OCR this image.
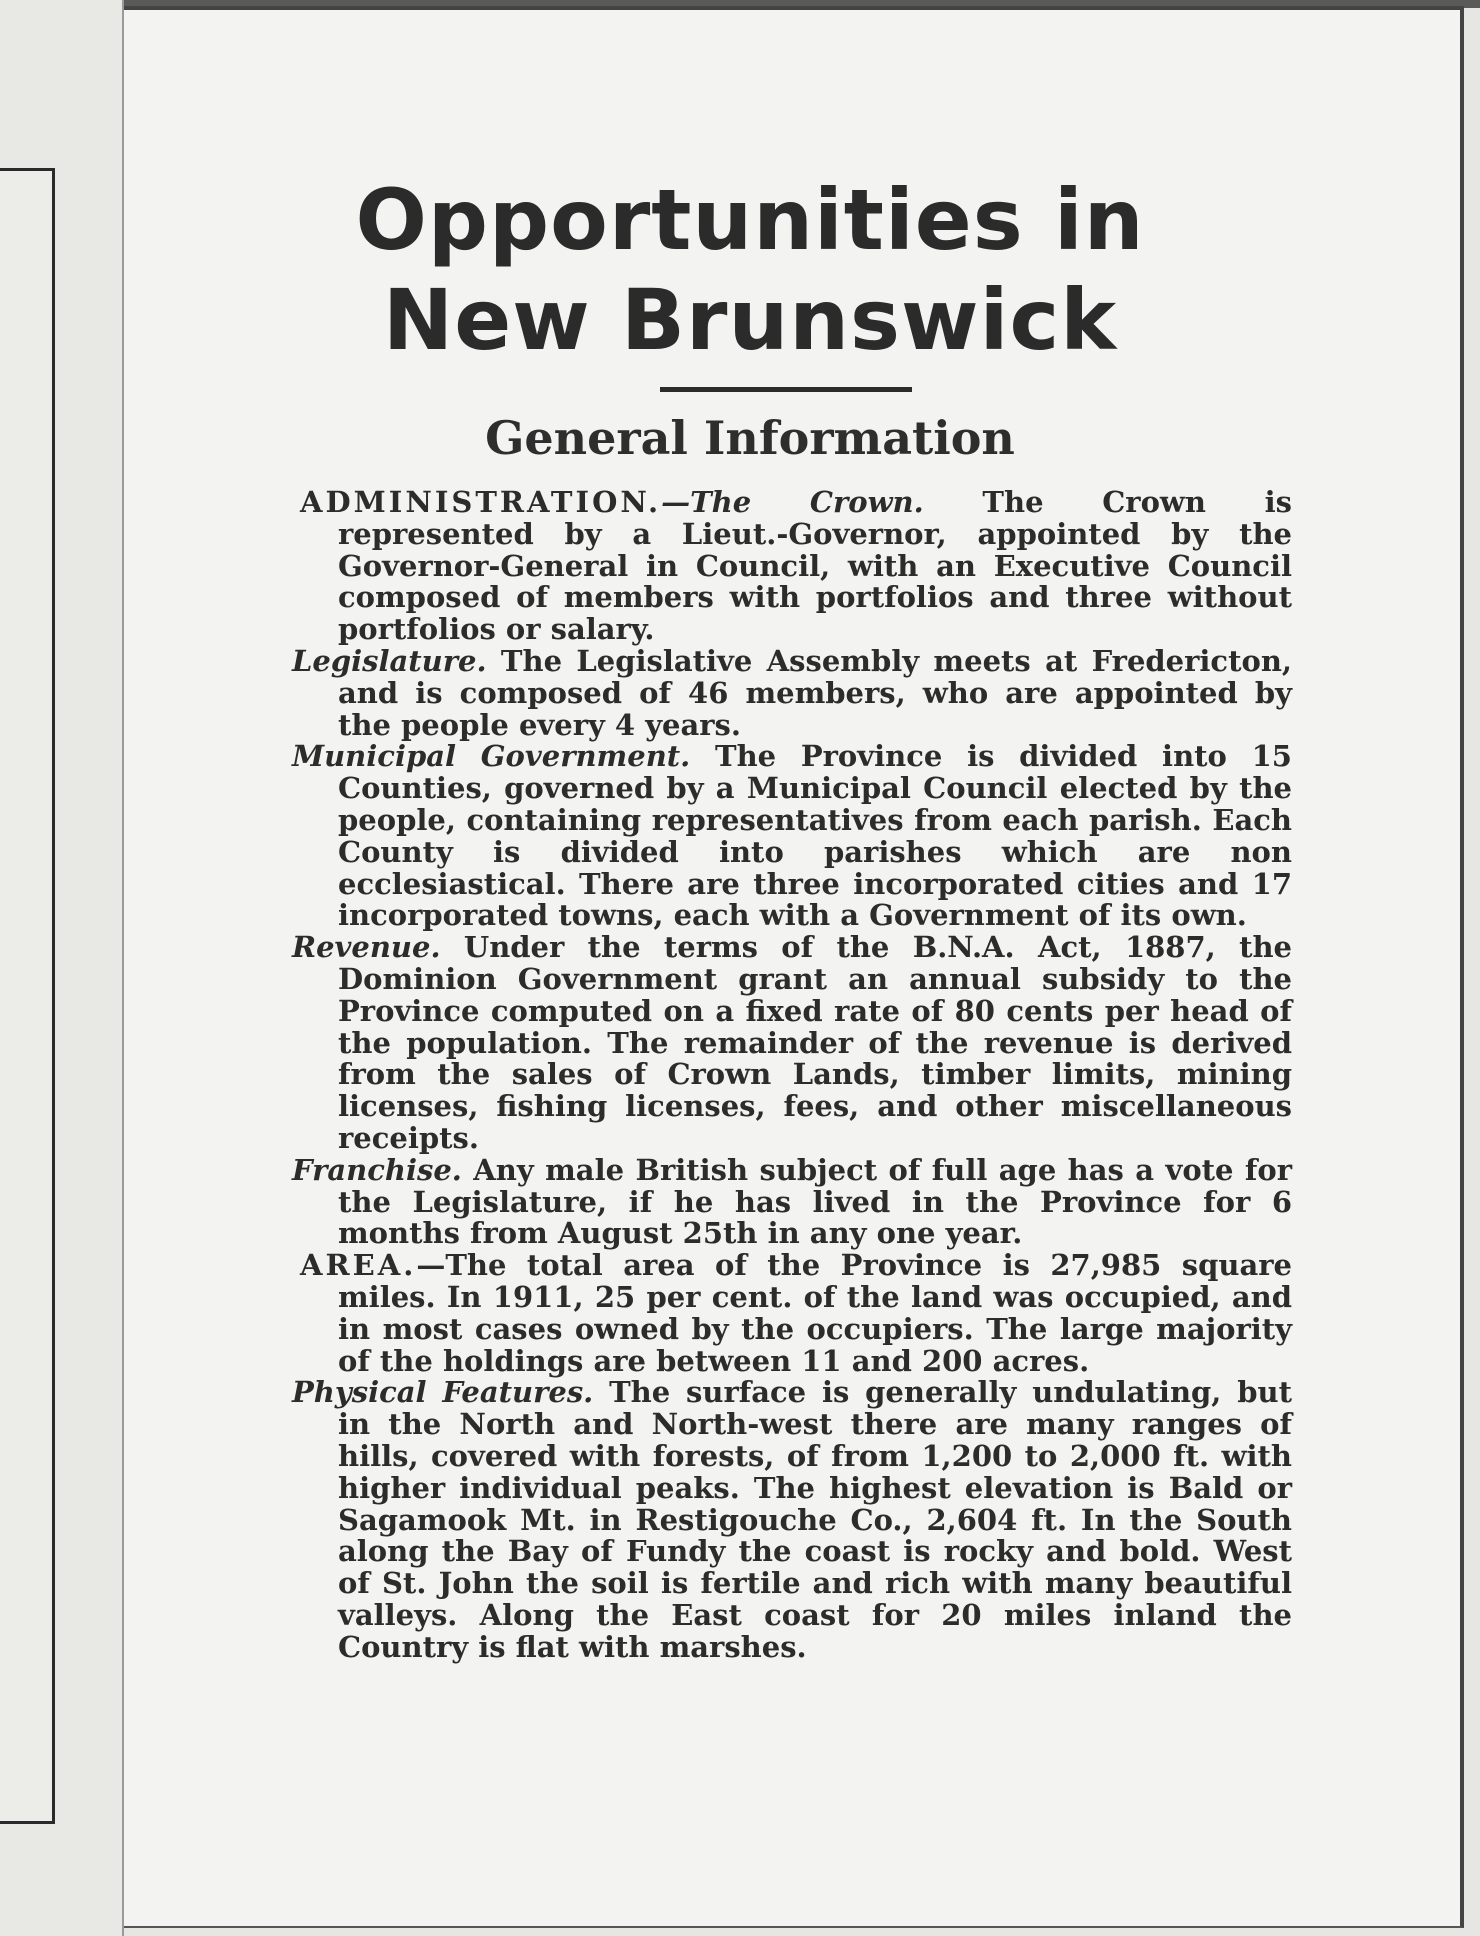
Opportunities in
New Brunswick
General Information

ADMINISTRATION.—The Crown. The Crown is represented by a Lieut.-Governor, appointed by the Governor-General in Council, with an Executive Council composed of members with portfolios and three without portfolios or salary.

Legislature. The Legislative Assembly meets at Fredericton, and is composed of 46 members, who are appointed by the people every 4 years.

Municipal Government. The Province is divided into 15 Counties, governed by a Municipal Council elected by the people, containing representatives from each parish. Each County is divided into parishes which are non ecclesiastical. There are three incorporated cities and 17 incorporated towns, each with a Government of its own.

Revenue. Under the terms of the B.N.A. Act, 1887, the Dominion Government grant an annual subsidy to the Province computed on a fixed rate of 80 cents per head of the population. The remainder of the revenue is derived from the sales of Crown Lands, timber limits, mining licenses, fishing licenses, fees, and other miscellaneous receipts.

Franchise. Any male British subject of full age has a vote for the Legislature, if he has lived in the Province for 6 months from August 25th in any one year.

AREA.—The total area of the Province is 27,985 square miles. In 1911, 25 per cent. of the land was occupied, and in most cases owned by the occupiers. The large majority of the holdings are between 11 and 200 acres.

Physical Features. The surface is generally undulating, but in the North and North-west there are many ranges of hills, covered with forests, of from 1,200 to 2,000 ft. with higher individual peaks. The highest elevation is Bald or Sagamook Mt. in Restigouche Co., 2,604 ft. In the South along the Bay of Fundy the coast is rocky and bold. West of St. John the soil is fertile and rich with many beautiful valleys. Along the East coast for 20 miles inland the Country is flat with marshes.
